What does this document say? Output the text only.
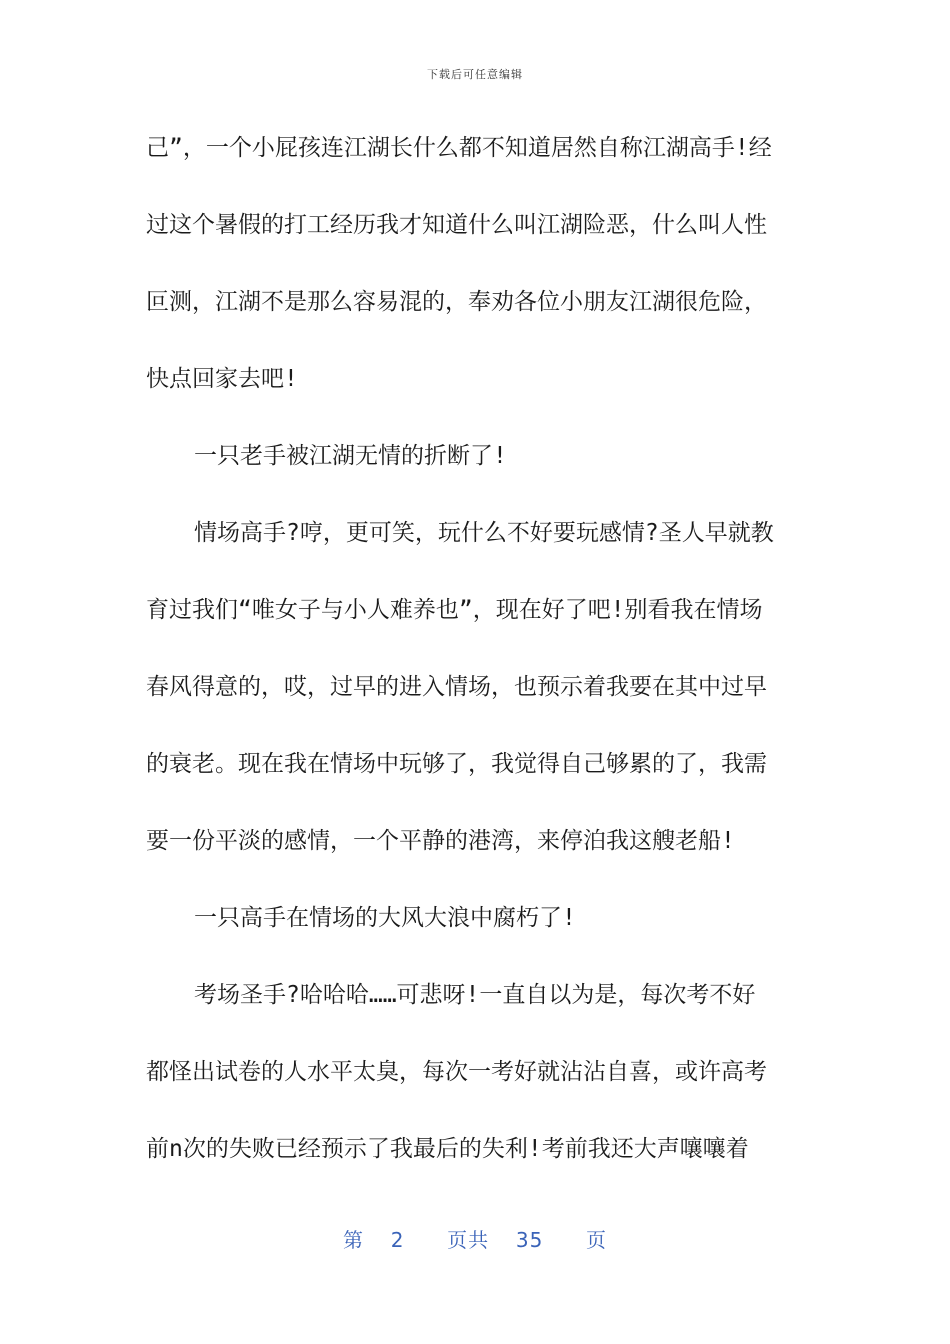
下载后可任意编辑
己”，一个小屁孩连江湖长什么都不知道居然自称江湖高手!经
过这个暑假的打工经历我才知道什么叫江湖险恶，什么叫人性
叵测，江湖不是那么容易混的，奉劝各位小朋友江湖很危险，
快点回家去吧!
一只老手被江湖无情的折断了!
情场高手?哼，更可笑，玩什么不好要玩感情?圣人早就教
育过我们“唯女子与小人难养也”，现在好了吧!别看我在情场
春风得意的，哎，过早的进入情场，也预示着我要在其中过早
的衰老。现在我在情场中玩够了，我觉得自己够累的了，我需
要一份平淡的感情，一个平静的港湾，来停泊我这艘老船!
一只高手在情场的大风大浪中腐朽了!
考场圣手?哈哈哈……可悲呀!一直自以为是，每次考不好
都怪出试卷的人水平太臭，每次一考好就沾沾自喜，或许高考
前n次的失败已经预示了我最后的失利!考前我还大声嚷嚷着
第 2 页共 35 页
